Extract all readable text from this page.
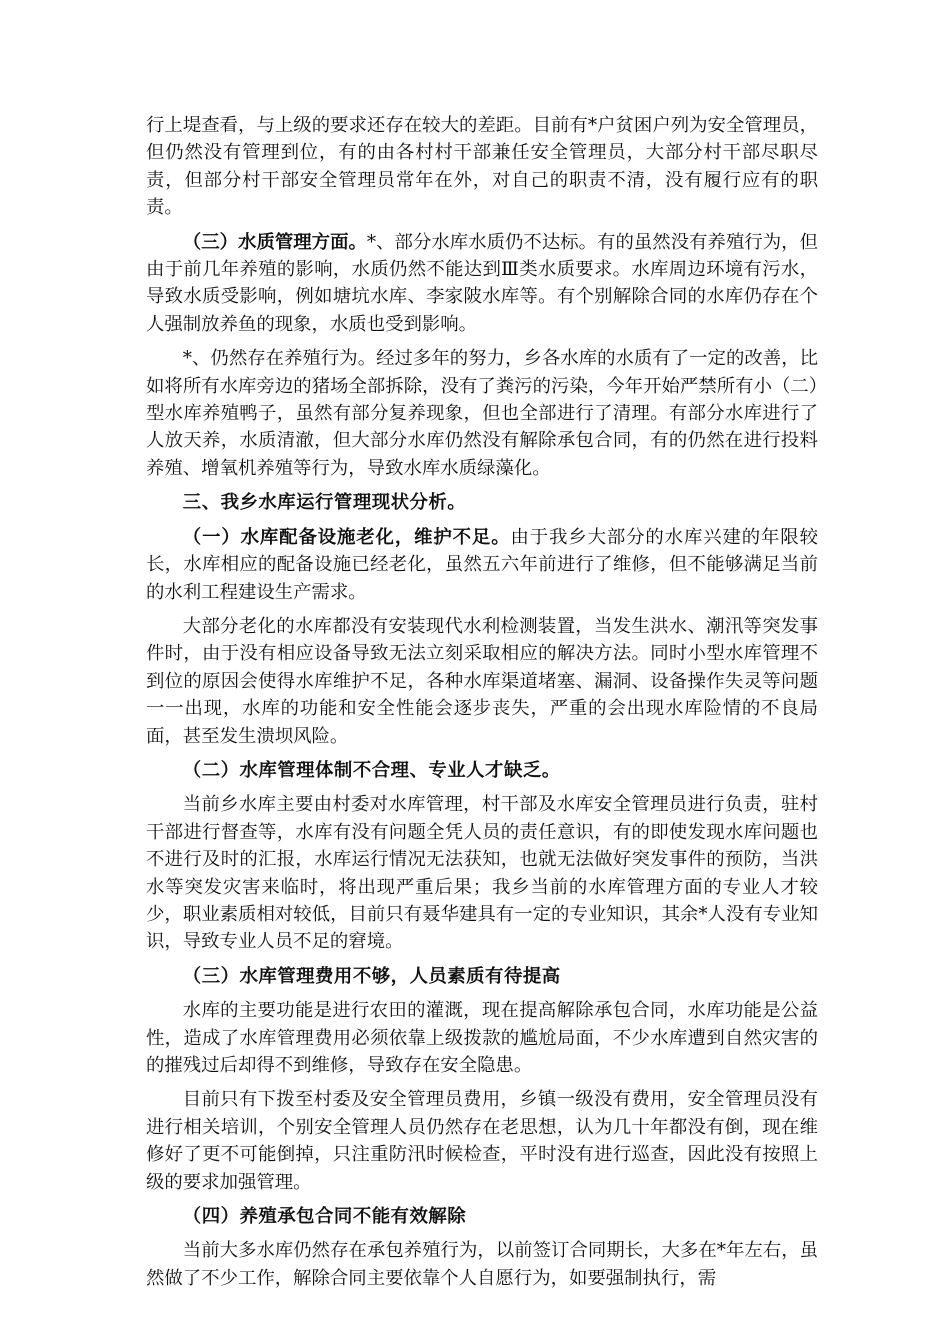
行上堤查看，与上级的要求还存在较大的差距。目前有*户贫困户列为安全管理员，但仍然没有管理到位，有的由各村村干部兼任安全管理员，大部分村干部尽职尽责，但部分村干部安全管理员常年在外，对自己的职责不清，没有履行应有的职责。

（三）水质管理方面。*、部分水库水质仍不达标。有的虽然没有养殖行为，但由于前几年养殖的影响，水质仍然不能达到Ⅲ类水质要求。水库周边环境有污水，导致水质受影响，例如塘坑水库、李家陂水库等。有个别解除合同的水库仍存在个人强制放养鱼的现象，水质也受到影响。

*、仍然存在养殖行为。经过多年的努力，乡各水库的水质有了一定的改善，比如将所有水库旁边的猪场全部拆除，没有了粪污的污染，今年开始严禁所有小（二）型水库养殖鸭子，虽然有部分复养现象，但也全部进行了清理。有部分水库进行了人放天养，水质清澈，但大部分水库仍然没有解除承包合同，有的仍然在进行投料养殖、增氧机养殖等行为，导致水库水质绿藻化。

三、我乡水库运行管理现状分析。

（一）水库配备设施老化，维护不足。由于我乡大部分的水库兴建的年限较长，水库相应的配备设施已经老化，虽然五六年前进行了维修，但不能够满足当前的水利工程建设生产需求。

大部分老化的水库都没有安装现代水利检测装置，当发生洪水、潮汛等突发事件时，由于没有相应设备导致无法立刻采取相应的解决方法。同时小型水库管理不到位的原因会使得水库维护不足，各种水库渠道堵塞、漏洞、设备操作失灵等问题一一出现，水库的功能和安全性能会逐步丧失，严重的会出现水库险情的不良局面，甚至发生溃坝风险。

（二）水库管理体制不合理、专业人才缺乏。

当前乡水库主要由村委对水库管理，村干部及水库安全管理员进行负责，驻村干部进行督查等，水库有没有问题全凭人员的责任意识，有的即使发现水库问题也不进行及时的汇报，水库运行情况无法获知，也就无法做好突发事件的预防，当洪水等突发灾害来临时，将出现严重后果；我乡当前的水库管理方面的专业人才较少，职业素质相对较低，目前只有聂华建具有一定的专业知识，其余*人没有专业知识，导致专业人员不足的窘境。

（三）水库管理费用不够，人员素质有待提高

水库的主要功能是进行农田的灌溉，现在提高解除承包合同，水库功能是公益性，造成了水库管理费用必须依靠上级拨款的尴尬局面，不少水库遭到自然灾害的的摧残过后却得不到维修，导致存在安全隐患。

目前只有下拨至村委及安全管理员费用，乡镇一级没有费用，安全管理员没有进行相关培训，个别安全管理人员仍然存在老思想，认为几十年都没有倒，现在维修好了更不可能倒掉，只注重防汛时候检查，平时没有进行巡查，因此没有按照上级的要求加强管理。

（四）养殖承包合同不能有效解除

当前大多水库仍然存在承包养殖行为，以前签订合同期长，大多在*年左右，虽然做了不少工作，解除合同主要依靠个人自愿行为，如要强制执行，需
